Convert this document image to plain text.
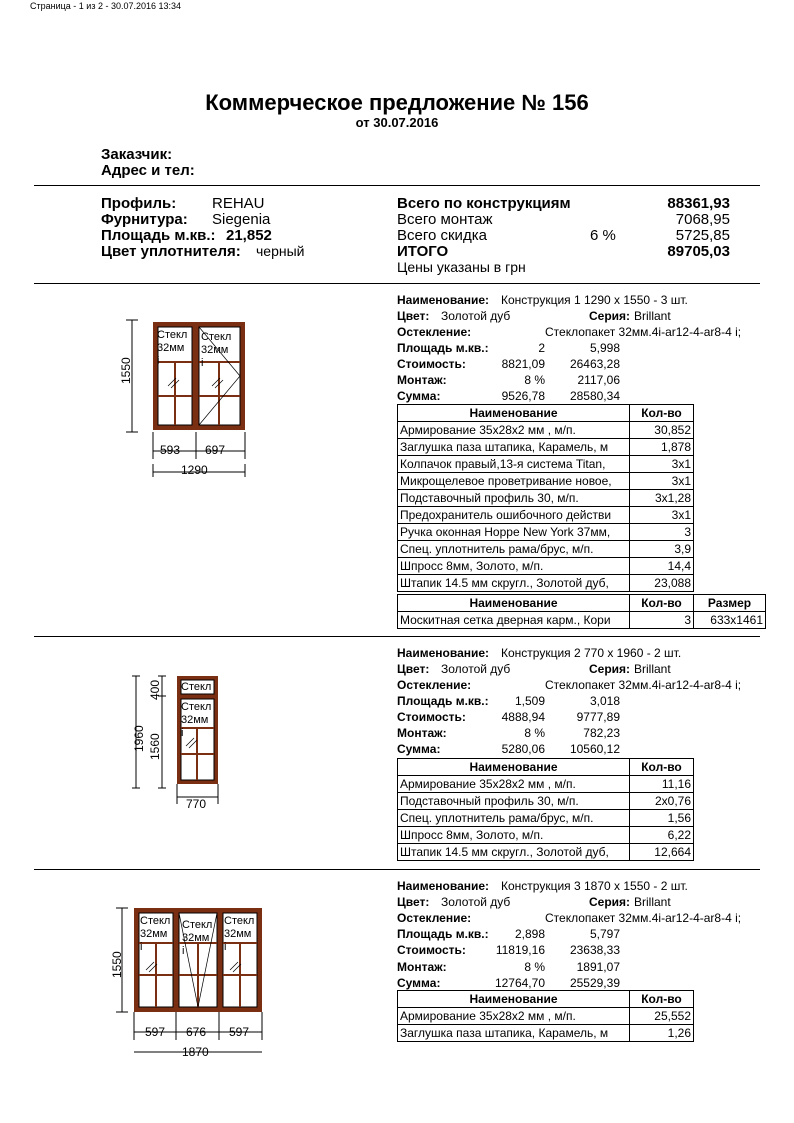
Страница - 1 из 2 - 30.07.2016 13:34
Коммерческое предложение № 156
от 30.07.2016
Заказчик:
Адрес и тел:
Профиль: REHAU
Фурнитура: Siegenia
Площадь м.кв.: 21,852
Цвет уплотнителя: черный
Всего по конструкциям	88361,93
Всего монтаж	7068,95
Всего скидка	6 %	5725,85
ИТОГО	89705,03
Цены указаны в грн
1550
593 697
1290
Стекл
32мм
i
Стекл
32мм
i
Наименование: Конструкция 1 1290 x 1550 - 3 шт.
Цвет: Золотой дуб	Серия: Brillant
Остекление:	Стеклопакет 32мм.4i-ar12-4-ar8-4 i;
Площадь м.кв.:	2	5,998
Стоимость:	8821,09	26463,28
Монтаж:	8 %	2117,06
Сумма:	9526,78	28580,34
Наименование	Кол-во
Армирование 35x28x2 мм , м/п.	30,852
Заглушка паза штапика, Карамель, м	1,878
Колпачок правый,13-я система Titan,	3x1
Микрощелевое проветривание новое,	3x1
Подставочный профиль 30, м/п.	3x1,28
Предохранитель ошибочного действи	3x1
Ручка оконная Hoppe New York 37мм,	3
Спец. уплотнитель рама/брус, м/п.	3,9
Шпросс 8мм, Золото, м/п.	14,4
Штапик 14.5 мм скругл., Золотой дуб,	23,088
Наименование	Кол-во	Размер
Москитная сетка дверная карм., Кори	3	633x1461
1960
400
1560
770
Стекл
Стекл
32мм
i
Наименование: Конструкция 2 770 x 1960 - 2 шт.
Цвет: Золотой дуб	Серия: Brillant
Остекление:	Стеклопакет 32мм.4i-ar12-4-ar8-4 i;
Площадь м.кв.:	1,509	3,018
Стоимость:	4888,94	9777,89
Монтаж:	8 %	782,23
Сумма:	5280,06	10560,12
Наименование	Кол-во
Армирование 35x28x2 мм , м/п.	11,16
Подставочный профиль 30, м/п.	2x0,76
Спец. уплотнитель рама/брус, м/п.	1,56
Шпросс 8мм, Золото, м/п.	6,22
Штапик 14.5 мм скругл., Золотой дуб,	12,664
1550
597 676 597
1870
Стекл
32мм
i
Стекл
32мм
i
Стекл
32мм
i
Наименование: Конструкция 3 1870 x 1550 - 2 шт.
Цвет: Золотой дуб	Серия: Brillant
Остекление:	Стеклопакет 32мм.4i-ar12-4-ar8-4 i;
Площадь м.кв.:	2,898	5,797
Стоимость:	11819,16	23638,33
Монтаж:	8 %	1891,07
Сумма:	12764,70	25529,39
Наименование	Кол-во
Армирование 35x28x2 мм , м/п.	25,552
Заглушка паза штапика, Карамель, м	1,26
